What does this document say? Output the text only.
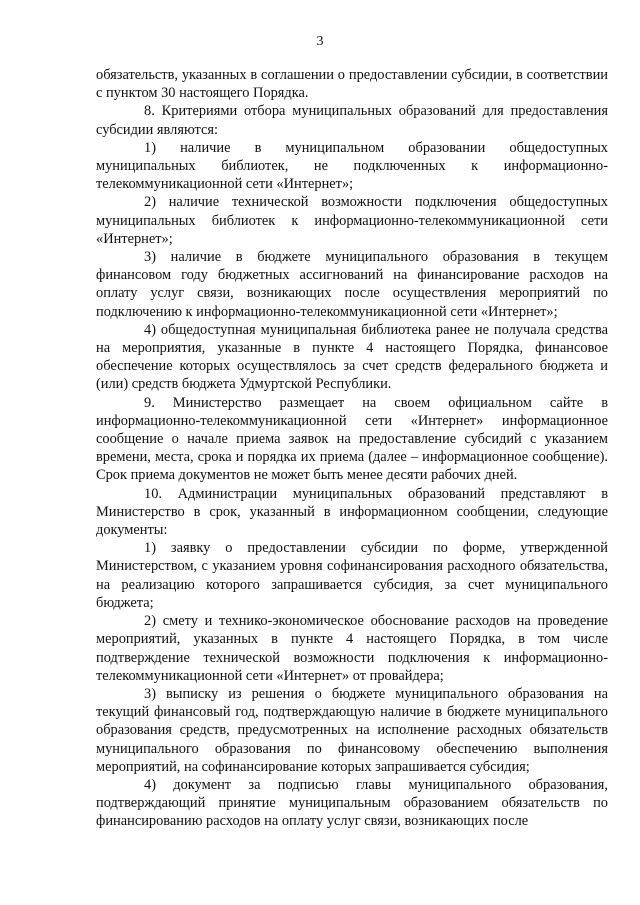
3

обязательств, указанных в соглашении о предоставлении субсидии, в соответствии с пунктом 30 настоящего Порядка.

8. Критериями отбора муниципальных образований для предоставления субсидии являются:

1) наличие в муниципальном образовании общедоступных муниципальных библиотек, не подключенных к информационно-телекоммуникационной сети «Интернет»;

2) наличие технической возможности подключения общедоступных муниципальных библиотек к информационно-телекоммуникационной сети «Интернет»;

3) наличие в бюджете муниципального образования в текущем финансовом году бюджетных ассигнований на финансирование расходов на оплату услуг связи, возникающих после осуществления мероприятий по подключению к информационно-телекоммуникационной сети «Интернет»;

4) общедоступная муниципальная библиотека ранее не получала средства на мероприятия, указанные в пункте 4 настоящего Порядка, финансовое обеспечение которых осуществлялось за счет средств федерального бюджета и (или) средств бюджета Удмуртской Республики.

9. Министерство размещает на своем официальном сайте в информационно-телекоммуникационной сети «Интернет» информационное сообщение о начале приема заявок на предоставление субсидий с указанием времени, места, срока и порядка их приема (далее – информационное сообщение). Срок приема документов не может быть менее десяти рабочих дней.

10. Администрации муниципальных образований представляют в Министерство в срок, указанный в информационном сообщении, следующие документы:

1) заявку о предоставлении субсидии по форме, утвержденной Министерством, с указанием уровня софинансирования расходного обязательства, на реализацию которого запрашивается субсидия, за счет муниципального бюджета;

2) смету и технико-экономическое обоснование расходов на проведение мероприятий, указанных в пункте 4 настоящего Порядка, в том числе подтверждение технической возможности подключения к информационно-телекоммуникационной сети «Интернет» от провайдера;

3) выписку из решения о бюджете муниципального образования на текущий финансовый год, подтверждающую наличие в бюджете муниципального образования средств, предусмотренных на исполнение расходных обязательств муниципального образования по финансовому обеспечению выполнения мероприятий, на софинансирование которых запрашивается субсидия;

4) документ за подписью главы муниципального образования, подтверждающий принятие муниципальным образованием обязательств по финансированию расходов на оплату услуг связи, возникающих после
